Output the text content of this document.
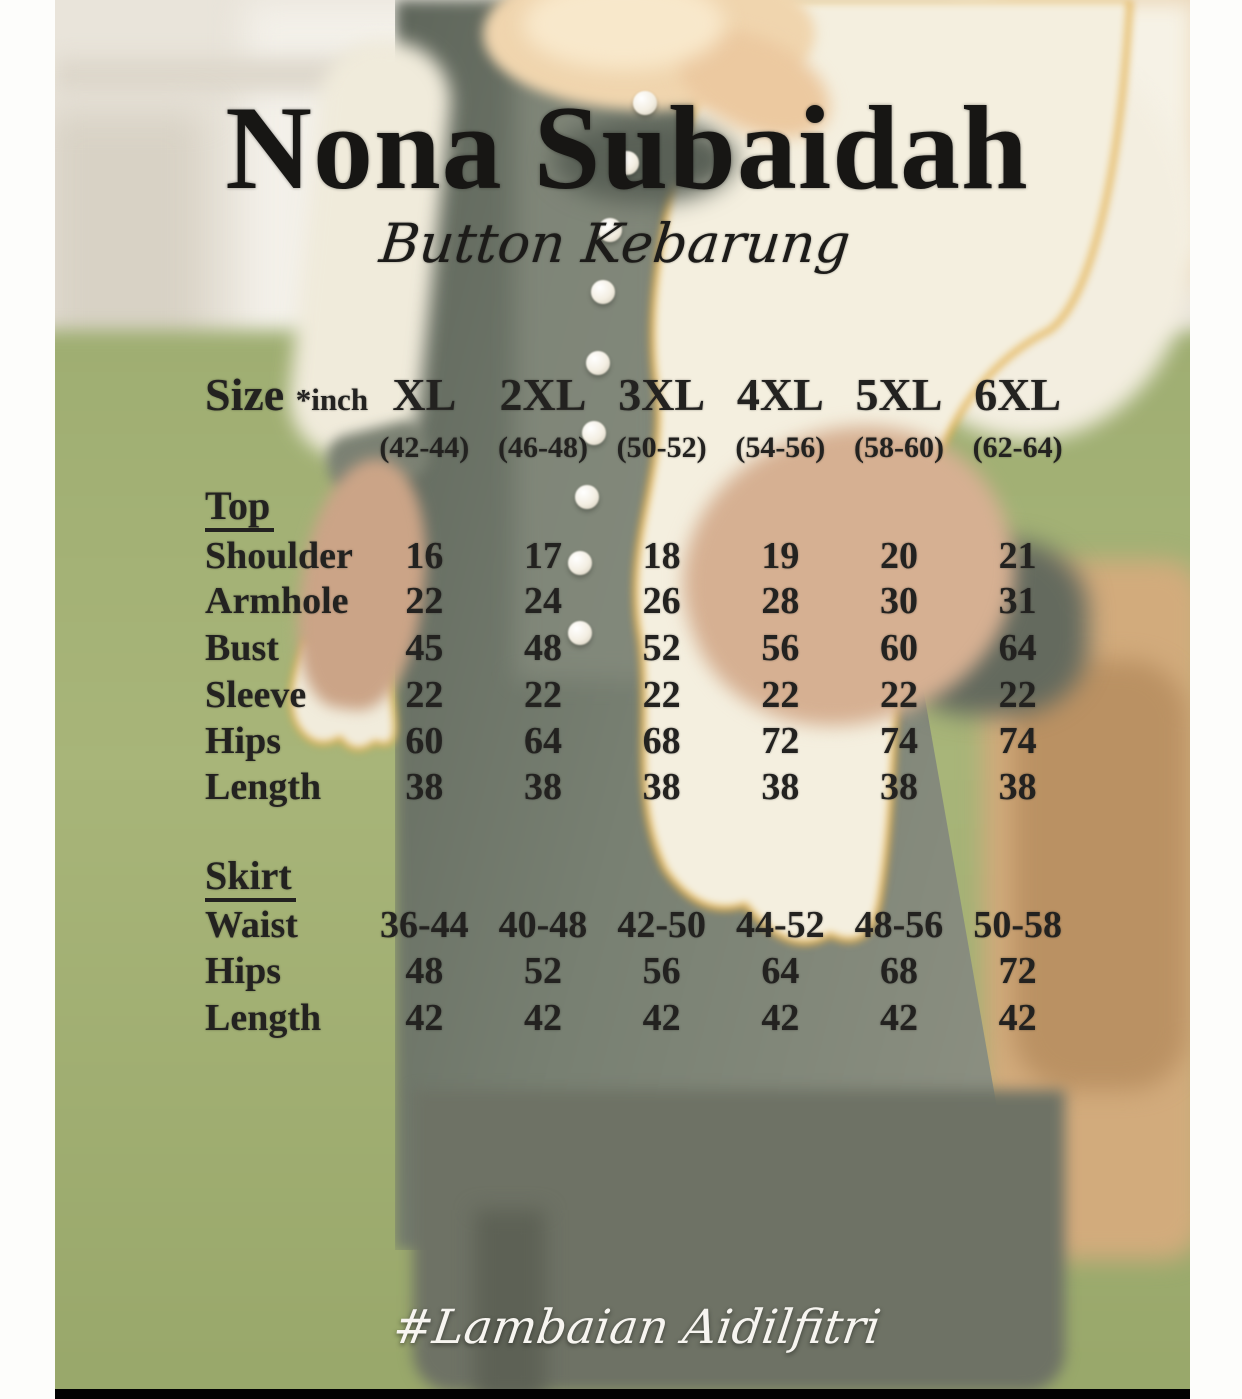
Nona Subaidah
Button Kebarung
Size *inch XL 2XL 3XL 4XL 5XL 6XL
(42-44) (46-48) (50-52) (54-56) (58-60) (62-64)
Top
Shoulder	16	17	18	19	20	21
Armhole	22	24	26	28	30	31
Bust	45	48	52	56	60	64
Sleeve	22	22	22	22	22	22
Hips	60	64	68	72	74	74
Length	38	38	38	38	38	38
Skirt
Waist	36-44 40-48 42-50 44-52 48-56 50-58
Hips	48	52	56	64	68	72
Length	42	42	42	42	42	42
#Lambaian Aidilfitri
